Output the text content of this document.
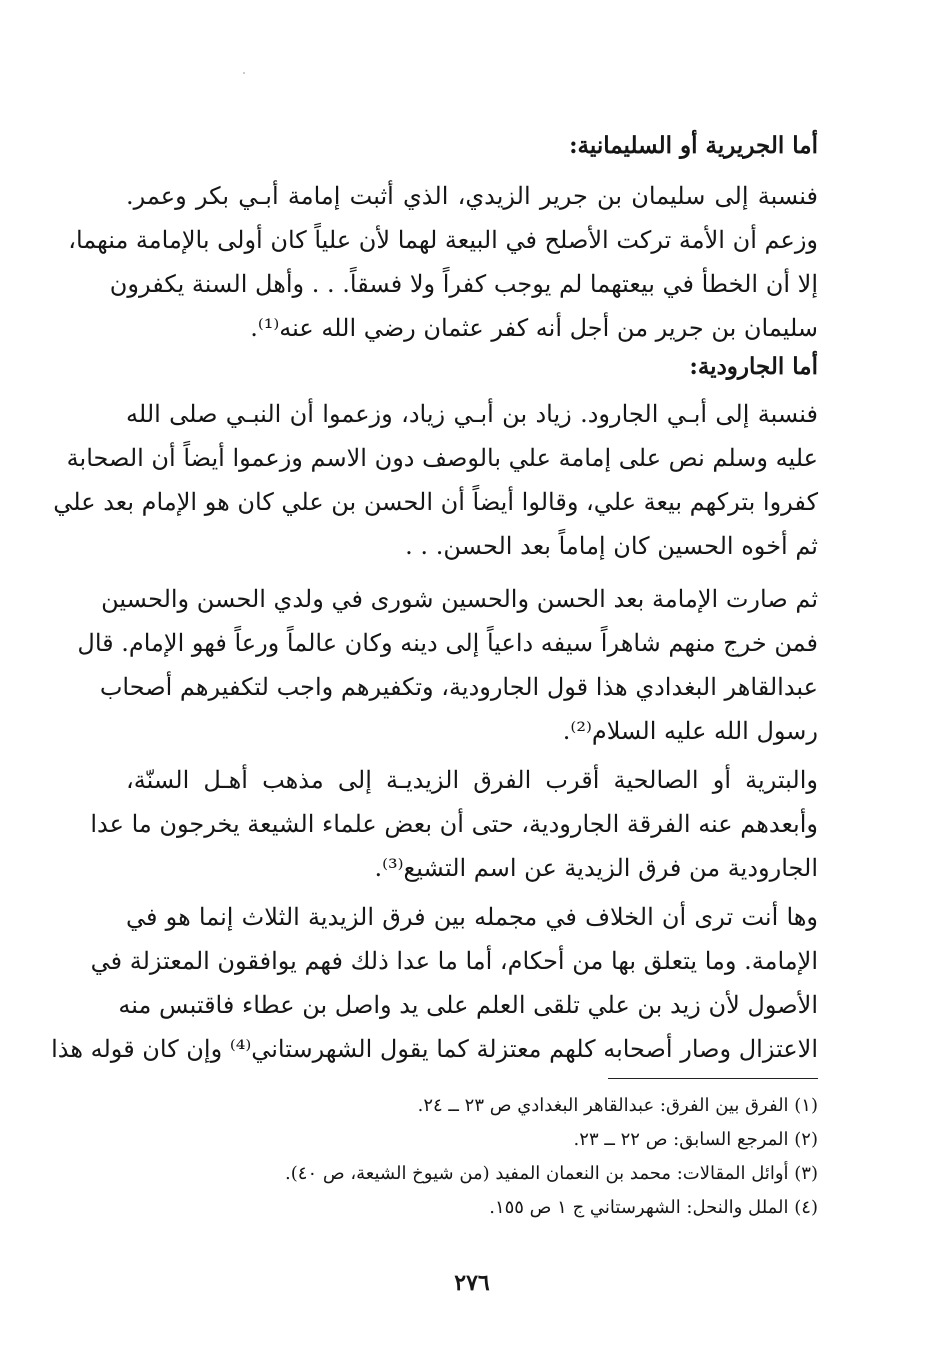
أما الجريرية أو السليمانية:
فنسبة إلى سليمان بن جرير الزيدي، الذي أثبت إمامة أبـي بكر وعمر.
وزعم أن الأمة تركت الأصلح في البيعة لهما لأن علياً كان أولى بالإمامة منهما،
إلا أن الخطأ في بيعتهما لم يوجب كفراً ولا فسقاً. . . وأهل السنة يكفرون
سليمان بن جرير من أجل أنه كفر عثمان رضي الله عنه⁽¹⁾.
أما الجارودية:
فنسبة إلى أبـي الجارود. زياد بن أبـي زياد، وزعموا أن النبـي صلى الله
عليه وسلم نص على إمامة علي بالوصف دون الاسم وزعموا أيضاً أن الصحابة
كفروا بتركهم بيعة علي، وقالوا أيضاً أن الحسن بن علي كان هو الإمام بعد علي
ثم أخوه الحسين كان إماماً بعد الحسن. . .
ثم صارت الإمامة بعد الحسن والحسين شورى في ولدي الحسن والحسين
فمن خرج منهم شاهراً سيفه داعياً إلى دينه وكان عالماً ورعاً فهو الإمام. قال
عبدالقاهر البغدادي هذا قول الجارودية، وتكفيرهم واجب لتكفيرهم أصحاب
رسول الله عليه السلام⁽²⁾.
والبترية أو الصالحية أقرب الفرق الزيديـة إلى مذهب أهـل السنّة،
وأبعدهم عنه الفرقة الجارودية، حتى أن بعض علماء الشيعة يخرجون ما عدا
الجارودية من فرق الزيدية عن اسم التشيع⁽³⁾.
وها أنت ترى أن الخلاف في مجمله بين فرق الزيدية الثلاث إنما هو في
الإمامة. وما يتعلق بها من أحكام، أما ما عدا ذلك فهم يوافقون المعتزلة في
الأصول لأن زيد بن علي تلقى العلم على يد واصل بن عطاء فاقتبس منه
الاعتزال وصار أصحابه كلهم معتزلة كما يقول الشهرستاني⁽⁴⁾ وإن كان قوله هذا
(١) الفرق بين الفرق: عبدالقاهر البغدادي ص ٢٣ ــ ٢٤.
(٢) المرجع السابق: ص ٢٢ ــ ٢٣.
(٣) أوائل المقالات: محمد بن النعمان المفيد (من شيوخ الشيعة، ص ٤٠).
(٤) الملل والنحل: الشهرستاني ج ١ ص ١٥٥.
٢٧٦
